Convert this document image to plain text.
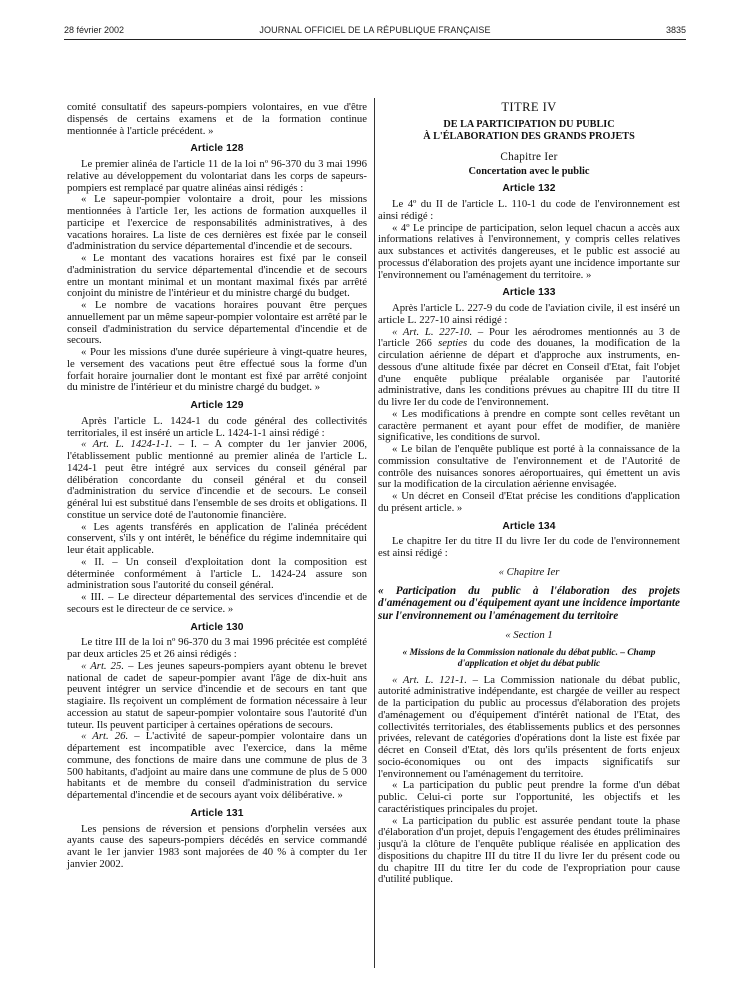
28 février 2002	JOURNAL OFFICIEL DE LA RÉPUBLIQUE FRANÇAISE	3835

comité consultatif des sapeurs-pompiers volontaires, en vue d'être dispensés de certains examens et de la formation continue mentionnée à l'article précédent. »

Article 128

Le premier alinéa de l'article 11 de la loi nº 96-370 du 3 mai 1996 relative au développement du volontariat dans les corps de sapeurs-pompiers est remplacé par quatre alinéas ainsi rédigés :

« Le sapeur-pompier volontaire a droit, pour les missions mentionnées à l'article 1er, les actions de formation auxquelles il participe et l'exercice de responsabilités administratives, à des vacations horaires. La liste de ces dernières est fixée par le conseil d'administration du service départemental d'incendie et de secours.

« Le montant des vacations horaires est fixé par le conseil d'administration du service départemental d'incendie et de secours entre un montant minimal et un montant maximal fixés par arrêté conjoint du ministre de l'intérieur et du ministre chargé du budget.

« Le nombre de vacations horaires pouvant être perçues annuellement par un même sapeur-pompier volontaire est arrêté par le conseil d'administration du service départemental d'incendie et de secours.

« Pour les missions d'une durée supérieure à vingt-quatre heures, le versement des vacations peut être effectué sous la forme d'un forfait horaire journalier dont le montant est fixé par arrêté conjoint du ministre de l'intérieur et du ministre chargé du budget. »

Article 129

Après l'article L. 1424-1 du code général des collectivités territoriales, il est inséré un article L. 1424-1-1 ainsi rédigé :

« Art. L. 1424-1-1. – I. – A compter du 1er janvier 2006, l'établissement public mentionné au premier alinéa de l'article L. 1424-1 peut être intégré aux services du conseil général par délibération concordante du conseil général et du conseil d'administration du service d'incendie et de secours. Le conseil général lui est substitué dans l'ensemble de ses droits et obligations. Il constitue un service doté de l'autonomie financière.

« Les agents transférés en application de l'alinéa précédent conservent, s'ils y ont intérêt, le bénéfice du régime indemnitaire qui leur était applicable.

« II. – Un conseil d'exploitation dont la composition est déterminée conformément à l'article L. 1424-24 assure son administration sous l'autorité du conseil général.

« III. – Le directeur départemental des services d'incendie et de secours est le directeur de ce service. »

Article 130

Le titre III de la loi nº 96-370 du 3 mai 1996 précitée est complété par deux articles 25 et 26 ainsi rédigés :

« Art. 25. – Les jeunes sapeurs-pompiers ayant obtenu le brevet national de cadet de sapeur-pompier avant l'âge de dix-huit ans peuvent intégrer un service d'incendie et de secours en tant que stagiaire. Ils reçoivent un complément de formation nécessaire à leur accession au statut de sapeur-pompier volontaire sous l'autorité d'un tuteur. Ils peuvent participer à certaines opérations de secours.

« Art. 26. – L'activité de sapeur-pompier volontaire dans un département est incompatible avec l'exercice, dans la même commune, des fonctions de maire dans une commune de plus de 3 500 habitants, d'adjoint au maire dans une commune de plus de 5 000 habitants et de membre du conseil d'administration du service départemental d'incendie et de secours ayant voix délibérative. »

Article 131

Les pensions de réversion et pensions d'orphelin versées aux ayants cause des sapeurs-pompiers décédés en service commandé avant le 1er janvier 1983 sont majorées de 40 % à compter du 1er janvier 2002.

TITRE IV
DE LA PARTICIPATION DU PUBLIC
À L'ÉLABORATION DES GRANDS PROJETS
Chapitre Ier
Concertation avec le public
Article 132

Le 4º du II de l'article L. 110-1 du code de l'environnement est ainsi rédigé :

« 4º Le principe de participation, selon lequel chacun a accès aux informations relatives à l'environnement, y compris celles relatives aux substances et activités dangereuses, et le public est associé au processus d'élaboration des projets ayant une incidence importante sur l'environnement ou l'aménagement du territoire. »

Article 133

Après l'article L. 227-9 du code de l'aviation civile, il est inséré un article L. 227-10 ainsi rédigé :

« Art. L. 227-10. – Pour les aérodromes mentionnés au 3 de l'article 266 septies du code des douanes, la modification de la circulation aérienne de départ et d'approche aux instruments, en-dessous d'une altitude fixée par décret en Conseil d'Etat, fait l'objet d'une enquête publique préalable organisée par l'autorité administrative, dans les conditions prévues au chapitre III du titre II du livre Ier du code de l'environnement.

« Les modifications à prendre en compte sont celles revêtant un caractère permanent et ayant pour effet de modifier, de manière significative, les conditions de survol.

« Le bilan de l'enquête publique est porté à la connaissance de la commission consultative de l'environnement et de l'Autorité de contrôle des nuisances sonores aéroportuaires, qui émettent un avis sur la modification de la circulation aérienne envisagée.

« Un décret en Conseil d'Etat précise les conditions d'application du présent article. »

Article 134

Le chapitre Ier du titre II du livre Ier du code de l'environnement est ainsi rédigé :

« Chapitre Ier
« Participation du public à l'élaboration des projets d'aménagement ou d'équipement ayant une incidence importante sur l'environnement ou l'aménagement du territoire
« Section 1
« Missions de la Commission nationale du débat public. – Champ d'application et objet du débat public

« Art. L. 121-1. – La Commission nationale du débat public, autorité administrative indépendante, est chargée de veiller au respect de la participation du public au processus d'élaboration des projets d'aménagement ou d'équipement d'intérêt national de l'Etat, des collectivités territoriales, des établissements publics et des personnes privées, relevant de catégories d'opérations dont la liste est fixée par décret en Conseil d'Etat, dès lors qu'ils présentent de forts enjeux socio-économiques ou ont des impacts significatifs sur l'environnement ou l'aménagement du territoire.

« La participation du public peut prendre la forme d'un débat public. Celui-ci porte sur l'opportunité, les objectifs et les caractéristiques principales du projet.

« La participation du public est assurée pendant toute la phase d'élaboration d'un projet, depuis l'engagement des études préliminaires jusqu'à la clôture de l'enquête publique réalisée en application des dispositions du chapitre III du titre II du livre Ier du présent code ou du chapitre III du titre Ier du code de l'expropriation pour cause d'utilité publique.
